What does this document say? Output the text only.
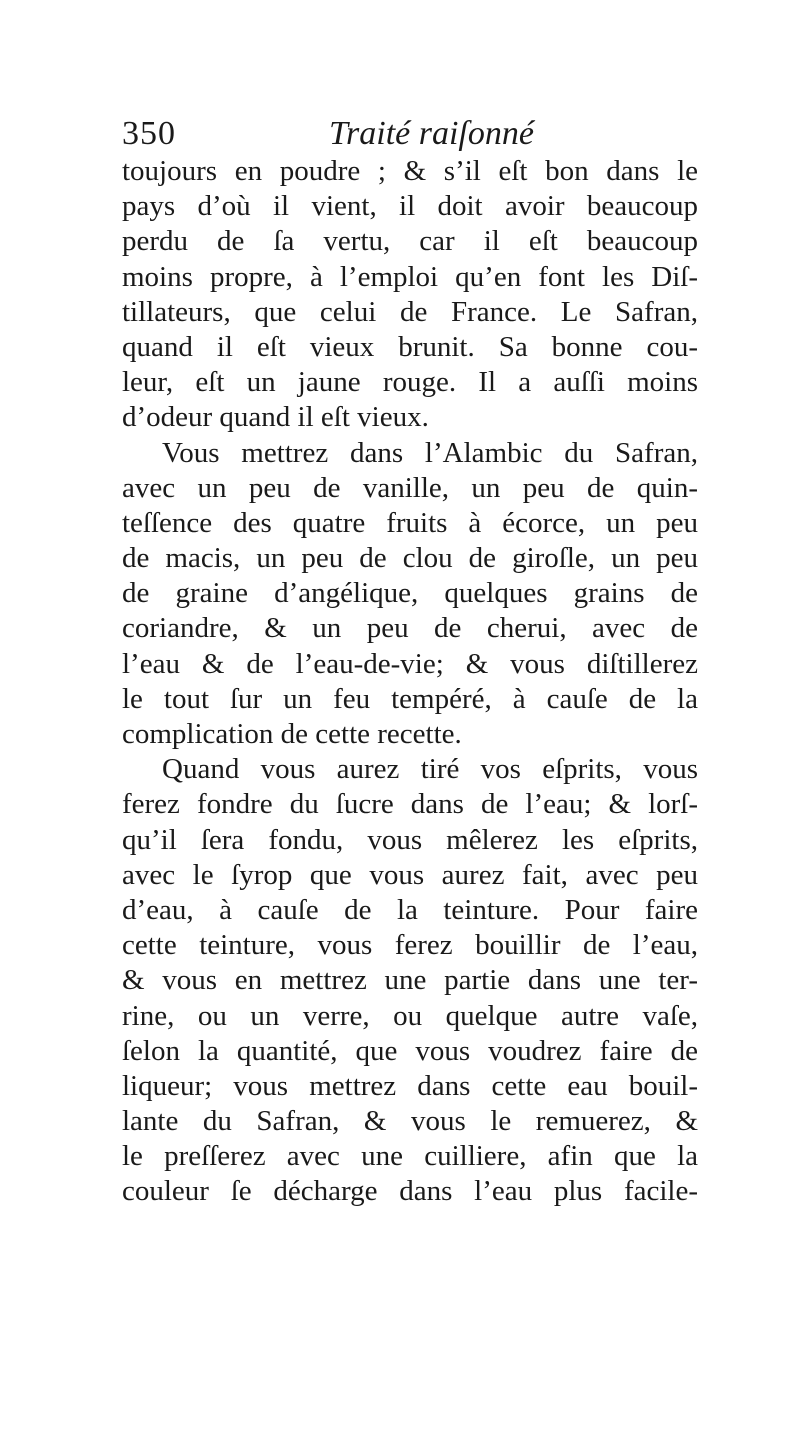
350	Traité raiſonné
toujours en poudre ; & s’il eſt bon dans le
pays d’où il vient, il doit avoir beaucoup
perdu de ſa vertu, car il eſt beaucoup
moins propre, à l’emploi qu’en font les Diſ-
tillateurs, que celui de France. Le Safran,
quand il eſt vieux brunit. Sa bonne cou-
leur, eſt un jaune rouge. Il a auſſi moins
d’odeur quand il eſt vieux.
Vous mettrez dans l’Alambic du Safran,
avec un peu de vanille, un peu de quin-
teſſence des quatre fruits à écorce, un peu
de macis, un peu de clou de giroſle, un peu
de graine d’angélique, quelques grains de
coriandre, & un peu de cherui, avec de
l’eau & de l’eau-de-vie; & vous diſtillerez
le tout ſur un feu tempéré, à cauſe de la
complication de cette recette.
Quand vous aurez tiré vos eſprits, vous
ferez fondre du ſucre dans de l’eau; & lorſ-
qu’il ſera fondu, vous mêlerez les eſprits,
avec le ſyrop que vous aurez fait, avec peu
d’eau, à cauſe de la teinture. Pour faire
cette teinture, vous ferez bouillir de l’eau,
& vous en mettrez une partie dans une ter-
rine, ou un verre, ou quelque autre vaſe,
ſelon la quantité, que vous voudrez faire de
liqueur; vous mettrez dans cette eau bouil-
lante du Safran, & vous le remuerez, &
le preſſerez avec une cuilliere, afin que la
couleur ſe décharge dans l’eau plus facile-
